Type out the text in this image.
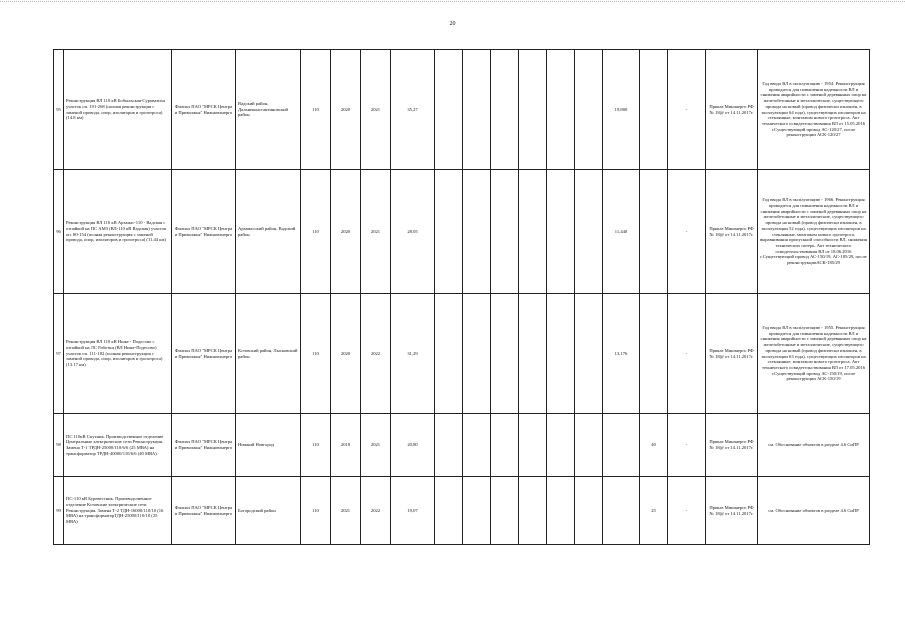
20
95	Реконструкция ВЛ 110 кВ Бобыльская-Суроватиха участок оп. 191-268 (полная реконструкция с заменой провода, опор, изоляторов и грозотроса) (14.8 км)	Филиал ПАО "МРСК Центра и Приволжья" Нижновэнерго	Вадский район, Дальнеконстантиновский район	110	2020	2021	35,27							19,800		-	Приказ Минэнерго РФ № 18@ от 14.11.2017г.	Год ввода ВЛ в эксплуатацию - 1954. Реконструкция проводится для повышения надежности ВЛ и снижения аварийности с заменой деревянных опор на железобетонные и металлические, существующего провода на новый (провод физически изношен, в эксплуатации 64 года), существующих изоляторов на стеклянные, монтажом нового грозотроса. Акт технического освидетельствования ВЛ от 15.05.2016 г.Существующий провод АС-120/27, после реконструкции АСК-120/27
96	Реконструкция ВЛ 110 кВ Арзамас-110 - Вадская с отпайкой на ПС АМЗ (ВЛ-110 кВ Вадская) участок оп. 80-154 (полная реконструкция с заменой провода, опор, изоляторов и грозотроса) (11.44 км)	Филиал ПАО "МРСК Центра и Приволжья" Нижновэнерго	Арзамасский район, Вадский район	110	2020	2021	28,05							11,440		-	Приказ Минэнерго РФ № 18@ от 14.11.2017г.	Год ввода ВЛ в эксплуатацию - 1966. Реконструкция проводится для повышения надежности ВЛ и снижения аварийности с заменой деревянных опор на железобетонные и металлические, существующего провода на новый (провод физически изношен, в эксплуатации 52 года), существующих изоляторов на стеклянные, монтажом нового грозотроса, выравнивания пропускной способности ВЛ, снижения технических потерь. Акт технического освидетельствования ВЛ от 18.06.2016 г.Существующий провод АС-150/19, АС-185/29, после реконструкцииАСК-185/29
97	Реконструкция ВЛ 110 кВ Ниже - Подесово с отпайкой на ЛС Работки (ВЛ Ниже-Подесово) участок оп. 111-182 (полная реконструкция с заменой провода, опор, изоляторов и грозотроса) (13.17 км)	Филиал ПАО "МРСК Центра и Приволжья" Нижновэнерго	Кстовский район, Лысковский район	110	2020	2022	31,29							13,176		-	Приказ Минэнерго РФ № 18@ от 14.11.2017г.	Год ввода ВЛ в эксплуатацию - 1955. Реконструкция проводится для повышения надежности ВЛ и снижения аварийности с заменой деревянных опор на железобетонные и металлические, существующего провода на новый (провод физически изношен, в эксплуатации 63 года), существующих изоляторов на стеклянные, монтажом нового грозотроса. Акт технического освидетельствования ВЛ от 17.05.2016 г.Существующий провод АС-150/19, после реконструкции АСК-150/19
98	ПС 110кВ Спутник. Производственное отделение Центральные электрические сети Реконструкция. Замена Т-1 ТРДН-25000/110/6/6 (25 МВА) на трансформатор ТРДН-40000/110/6/6 (40 МВА)	Филиал ПАО "МРСК Центра и Приволжья" Нижновэнерго	Нижний Новгород	110	2018	2021	20,80								40	-	Приказ Минэнерго РФ № 18@ от 14.11.2017г.	см. Обоснование объектов в разделе 4.6 СиПР
99	ПС-110 кВ Буревестник. Производственное отделение Кстовские электрические сети Реконструкция. Замена Т-2 ТДН-16000/110/10 (16 МВА) на трансформаторТДН-25000/110/10 (25 МВА)	Филиал ПАО "МРСК Центра и Приволжья" Нижновэнерго	Богородский район	110	2021	2022	19,07								25	-	Приказ Минэнерго РФ № 18@ от 14.11.2017г.	см. Обоснование объектов в разделе 4.6 СиПР
